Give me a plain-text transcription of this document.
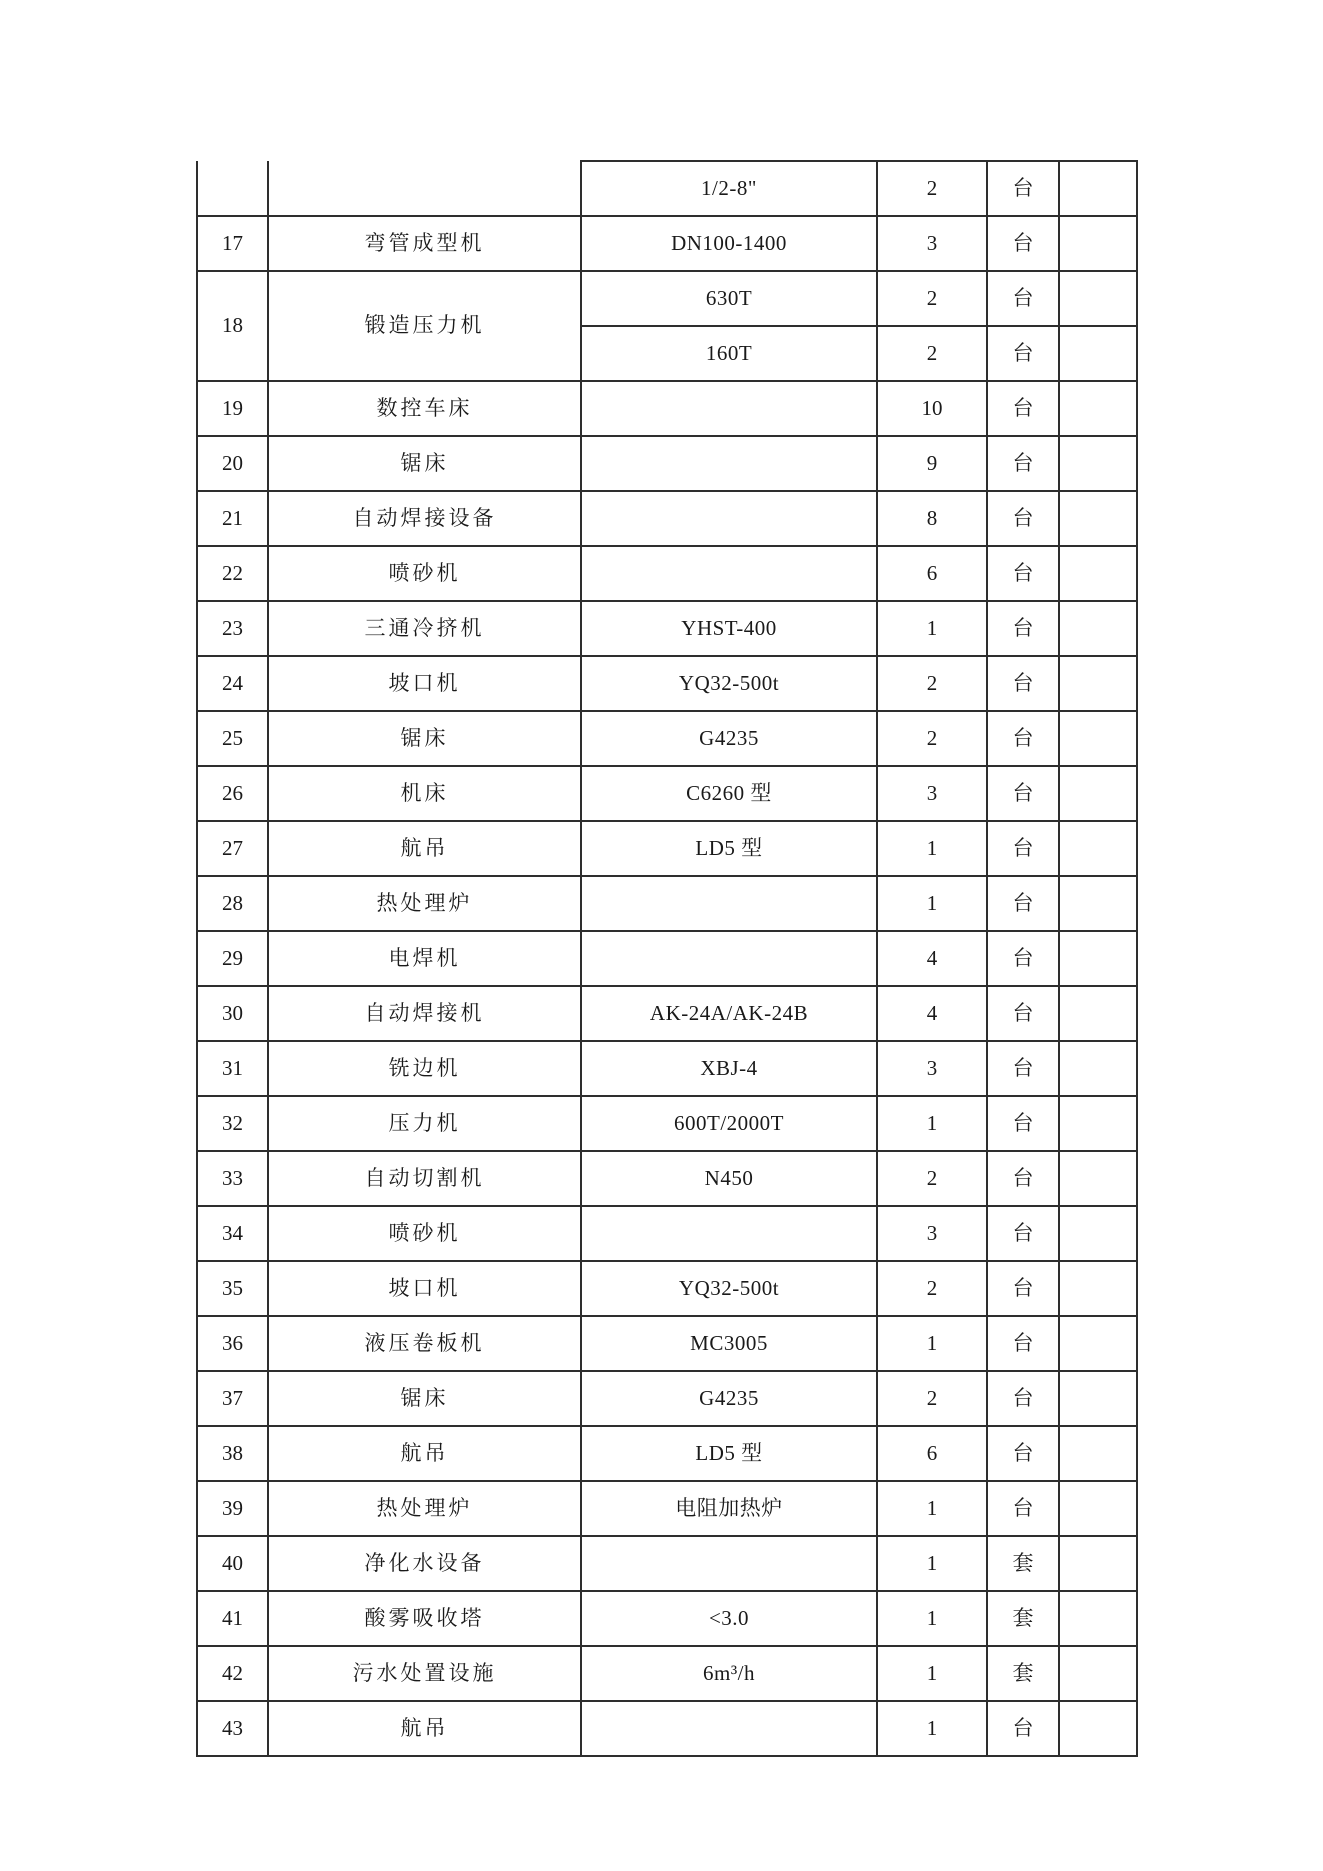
		1/2-8"	2	台	
17	弯管成型机	DN100-1400	3	台	
18	锻造压力机	630T	2	台	
		160T	2	台	
19	数控车床		10	台	
20	锯床		9	台	
21	自动焊接设备		8	台	
22	喷砂机		6	台	
23	三通冷挤机	YHST-400	1	台	
24	坡口机	YQ32-500t	2	台	
25	锯床	G4235	2	台	
26	机床	C6260 型	3	台	
27	航吊	LD5 型	1	台	
28	热处理炉		1	台	
29	电焊机		4	台	
30	自动焊接机	AK-24A/AK-24B	4	台	
31	铣边机	XBJ-4	3	台	
32	压力机	600T/2000T	1	台	
33	自动切割机	N450	2	台	
34	喷砂机		3	台	
35	坡口机	YQ32-500t	2	台	
36	液压卷板机	MC3005	1	台	
37	锯床	G4235	2	台	
38	航吊	LD5 型	6	台	
39	热处理炉	电阻加热炉	1	台	
40	净化水设备		1	套	
41	酸雾吸收塔	<3.0	1	套	
42	污水处置设施	6m³/h	1	套	
43	航吊		1	台	
